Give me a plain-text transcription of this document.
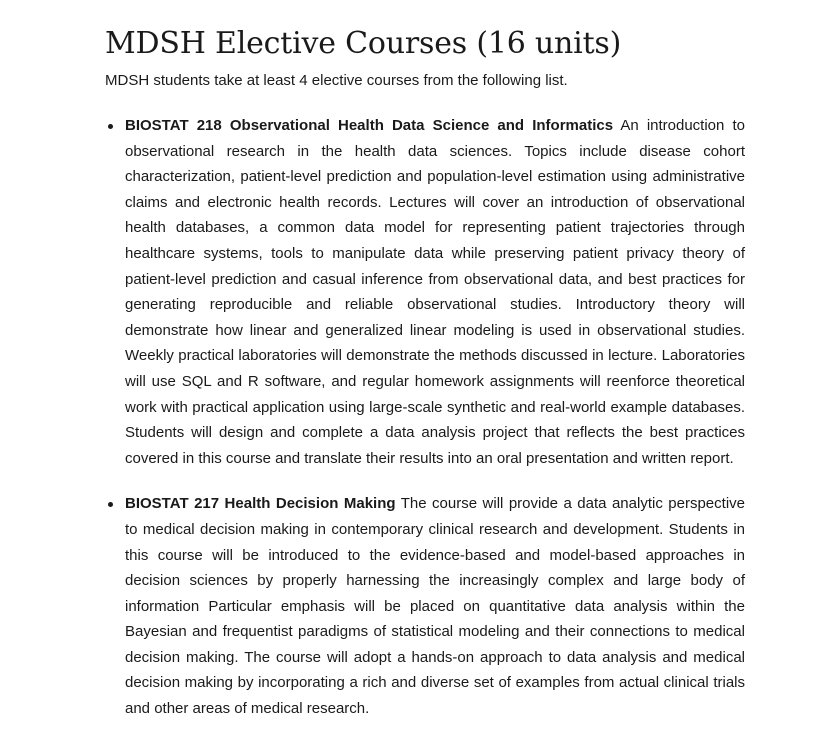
MDSH Elective Courses (16 units)

MDSH students take at least 4 elective courses from the following list.

BIOSTAT 218 Observational Health Data Science and Informatics An introduction to observational research in the health data sciences. Topics include disease cohort characterization, patient-level prediction and population-level estimation using administrative claims and electronic health records. Lectures will cover an introduction of observational health databases, a common data model for representing patient trajectories through healthcare systems, tools to manipulate data while preserving patient privacy theory of patient-level prediction and casual inference from observational data, and best practices for generating reproducible and reliable observational studies. Introductory theory will demonstrate how linear and generalized linear modeling is used in observational studies. Weekly practical laboratories will demonstrate the methods discussed in lecture. Laboratories will use SQL and R software, and regular homework assignments will reenforce theoretical work with practical application using large-scale synthetic and real-world example databases. Students will design and complete a data analysis project that reflects the best practices covered in this course and translate their results into an oral presentation and written report.
BIOSTAT 217 Health Decision Making The course will provide a data analytic perspective to medical decision making in contemporary clinical research and development. Students in this course will be introduced to the evidence-based and model-based approaches in decision sciences by properly harnessing the increasingly complex and large body of information Particular emphasis will be placed on quantitative data analysis within the Bayesian and frequentist paradigms of statistical modeling and their connections to medical decision making. The course will adopt a hands-on approach to data analysis and medical decision making by incorporating a rich and diverse set of examples from actual clinical trials and other areas of medical research.
